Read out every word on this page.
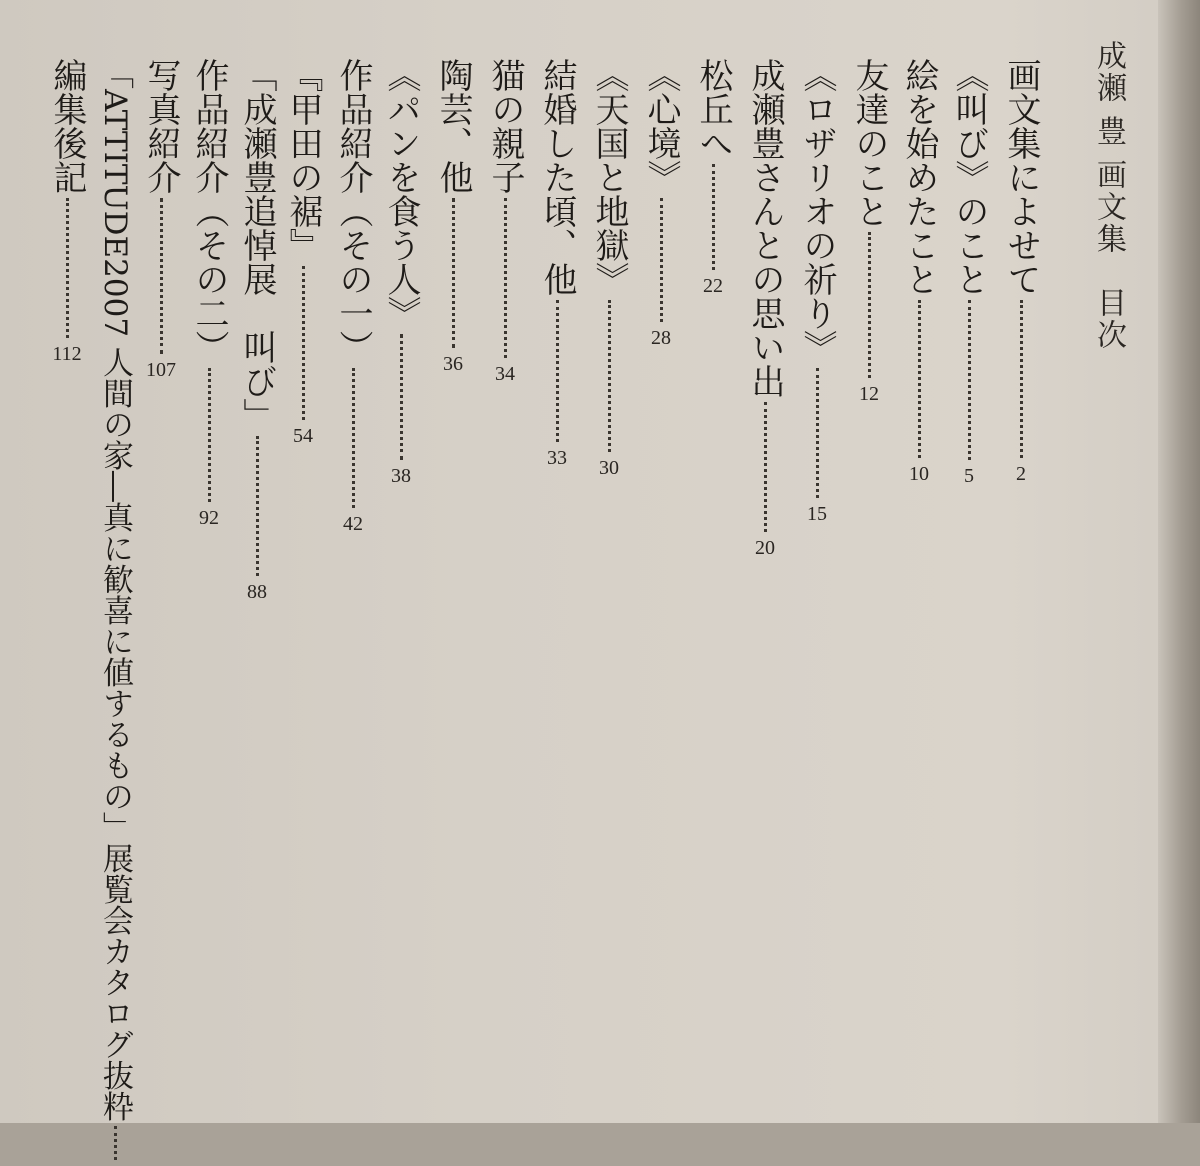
成瀬 豊 画文集　目次
画文集によせて
2
《叫び》のこと
5
絵を始めたこと
10
友達のこと
12
《ロザリオの祈り》
15
成瀬豊さんとの思い出
20
松丘へ
22
《心境》
28
《天国と地獄》
30
結婚した頃、他
33
猫の親子
34
陶芸、他
36
《パンを食う人》
38
作品紹介（その一）
42
『甲田の裾』
54
「成瀬豊追悼展　叫び」
88
作品紹介（その二）
92
写真紹介
107
「ATTITUDE2007 人間の家―真に歓喜に値するもの」展覧会カタログ抜粋
編集後記
112
